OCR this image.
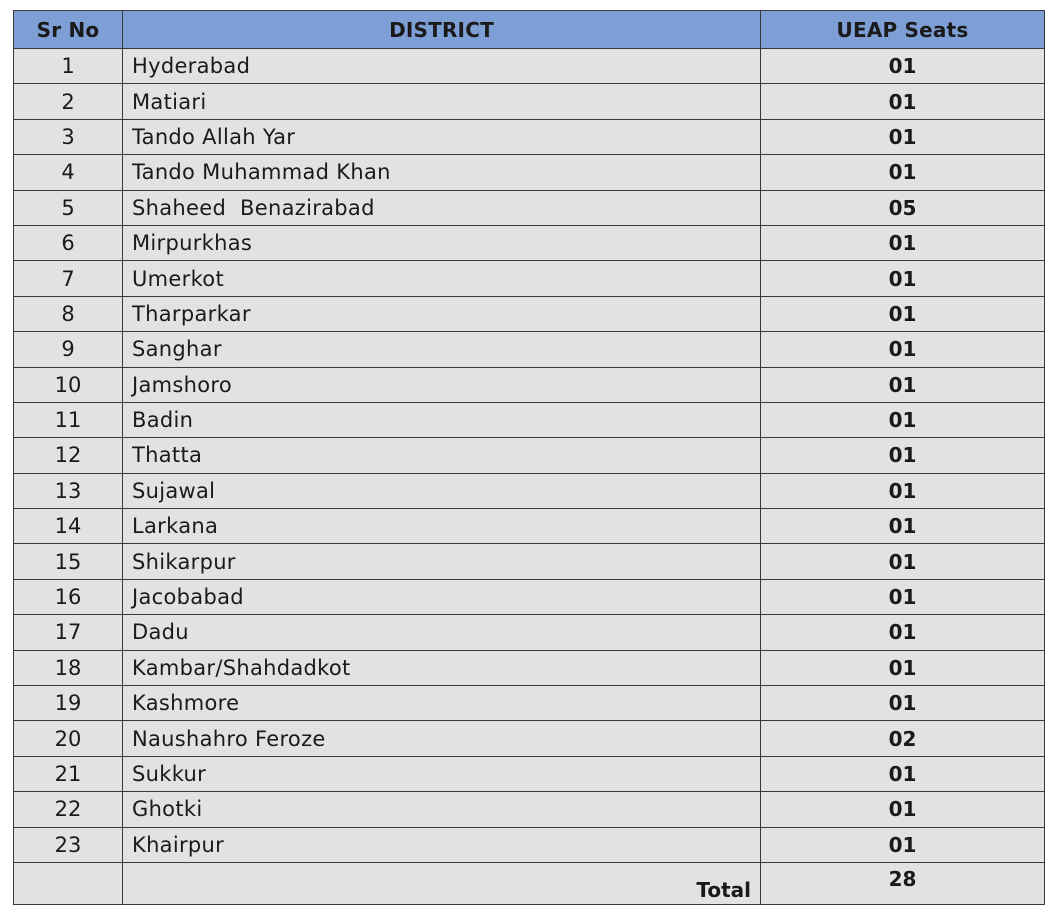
Sr No	DISTRICT	UEAP Seats
1	Hyderabad	01
2	Matiari	01
3	Tando Allah Yar	01
4	Tando Muhammad Khan	01
5	Shaheed  Benazirabad	05
6	Mirpurkhas	01
7	Umerkot	01
8	Tharparkar	01
9	Sanghar	01
10	Jamshoro	01
11	Badin	01
12	Thatta	01
13	Sujawal	01
14	Larkana	01
15	Shikarpur	01
16	Jacobabad	01
17	Dadu	01
18	Kambar/Shahdadkot	01
19	Kashmore	01
20	Naushahro Feroze	02
21	Sukkur	01
22	Ghotki	01
23	Khairpur	01
	Total	28
